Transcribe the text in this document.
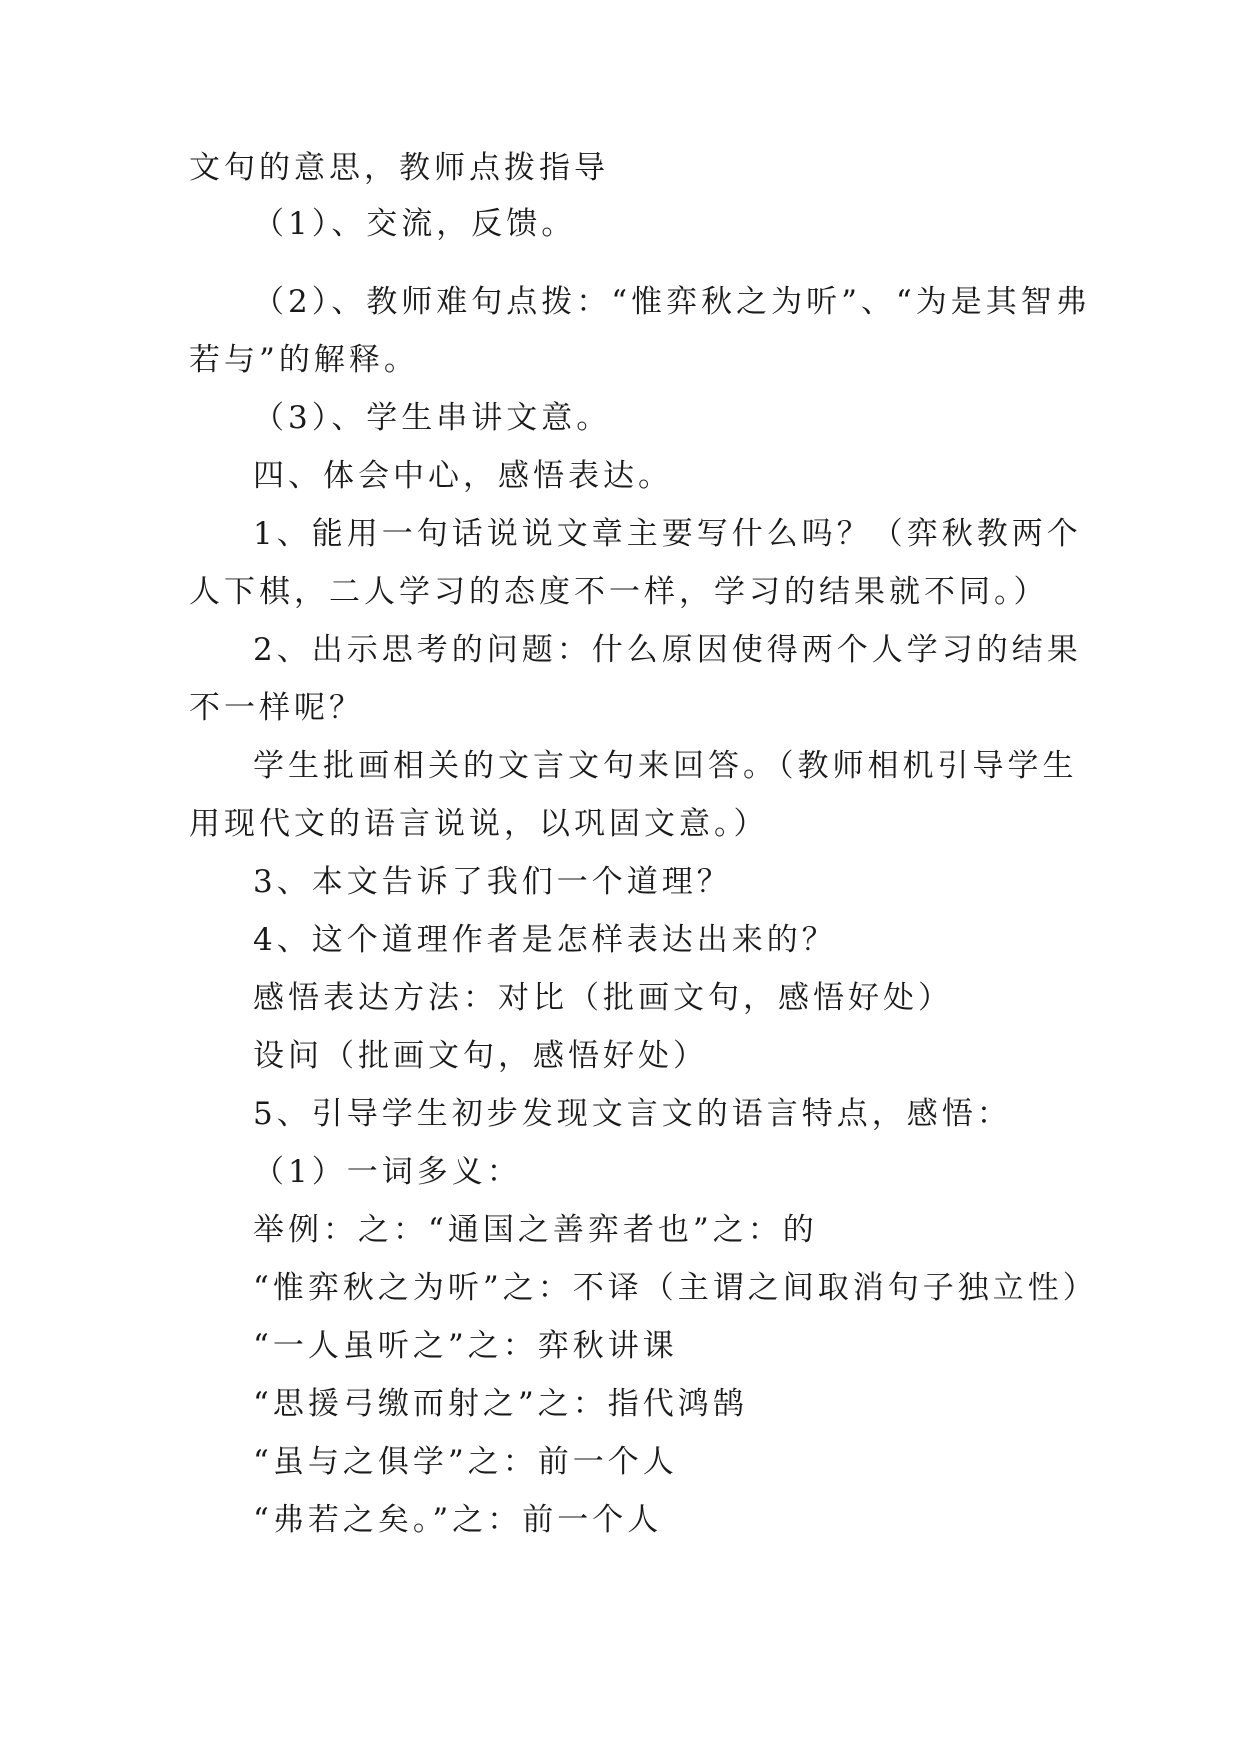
文句的意思，教师点拨指导
（1）、交流，反馈。
（2）、教师难句点拨：“惟弈秋之为听”、“为是其智弗
若与”的解释。
（3）、学生串讲文意。
四、体会中心，感悟表达。
1、能用一句话说说文章主要写什么吗？（弈秋教两个
人下棋，二人学习的态度不一样，学习的结果就不同。）
2、出示思考的问题：什么原因使得两个人学习的结果
不一样呢？
学生批画相关的文言文句来回答。（教师相机引导学生
用现代文的语言说说，以巩固文意。）
3、本文告诉了我们一个道理？
4、这个道理作者是怎样表达出来的？
感悟表达方法：对比（批画文句，感悟好处）
设问（批画文句，感悟好处）
5、引导学生初步发现文言文的语言特点，感悟：
（1）一词多义：
举例：之：“通国之善弈者也”之：的
“惟弈秋之为听”之：不译（主谓之间取消句子独立性）
“一人虽听之”之：弈秋讲课
“思援弓缴而射之”之：指代鸿鹄
“虽与之俱学”之：前一个人
“弗若之矣。”之：前一个人
